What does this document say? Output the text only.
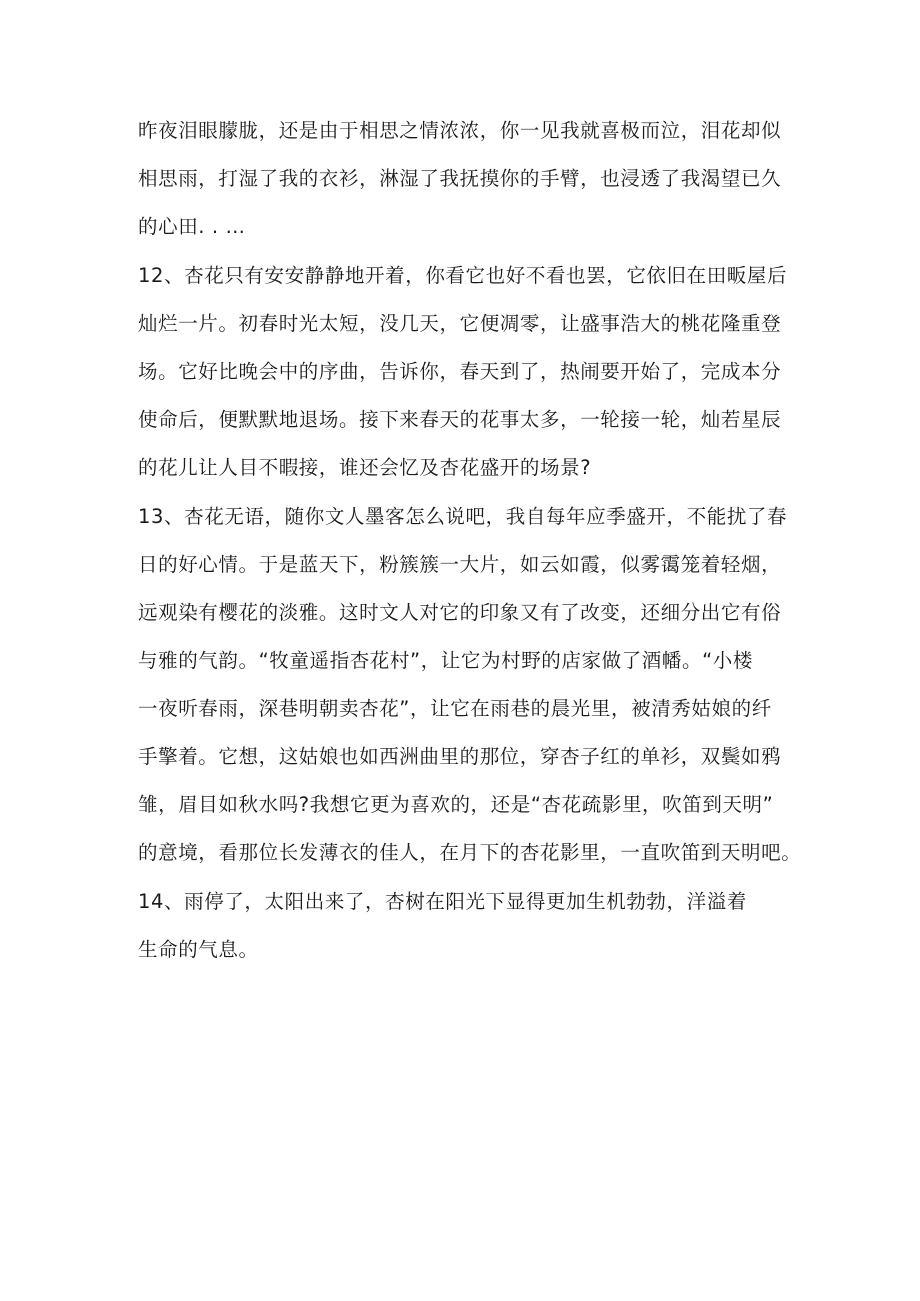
昨夜泪眼朦胧，还是由于相思之情浓浓，你一见我就喜极而泣，泪花却似
相思雨，打湿了我的衣衫，淋湿了我抚摸你的手臂，也浸透了我渴望已久
的心田. . …
12、杏花只有安安静静地开着，你看它也好不看也罢，它依旧在田畈屋后
灿烂一片。初春时光太短，没几天，它便凋零，让盛事浩大的桃花隆重登
场。它好比晚会中的序曲，告诉你，春天到了，热闹要开始了，完成本分
使命后，便默默地退场。接下来春天的花事太多，一轮接一轮，灿若星辰
的花儿让人目不暇接，谁还会忆及杏花盛开的场景?
13、杏花无语，随你文人墨客怎么说吧，我自每年应季盛开，不能扰了春
日的好心情。于是蓝天下，粉簇簇一大片，如云如霞，似雾霭笼着轻烟，
远观染有樱花的淡雅。这时文人对它的印象又有了改变，还细分出它有俗
与雅的气韵。“牧童遥指杏花村”，让它为村野的店家做了酒幡。“小楼
一夜听春雨，深巷明朝卖杏花”，让它在雨巷的晨光里，被清秀姑娘的纤
手擎着。它想，这姑娘也如西洲曲里的那位，穿杏子红的单衫，双鬓如鸦
雏，眉目如秋水吗?我想它更为喜欢的，还是“杏花疏影里，吹笛到天明”
的意境，看那位长发薄衣的佳人，在月下的杏花影里，一直吹笛到天明吧。
14、雨停了，太阳出来了，杏树在阳光下显得更加生机勃勃，洋溢着
生命的气息。
